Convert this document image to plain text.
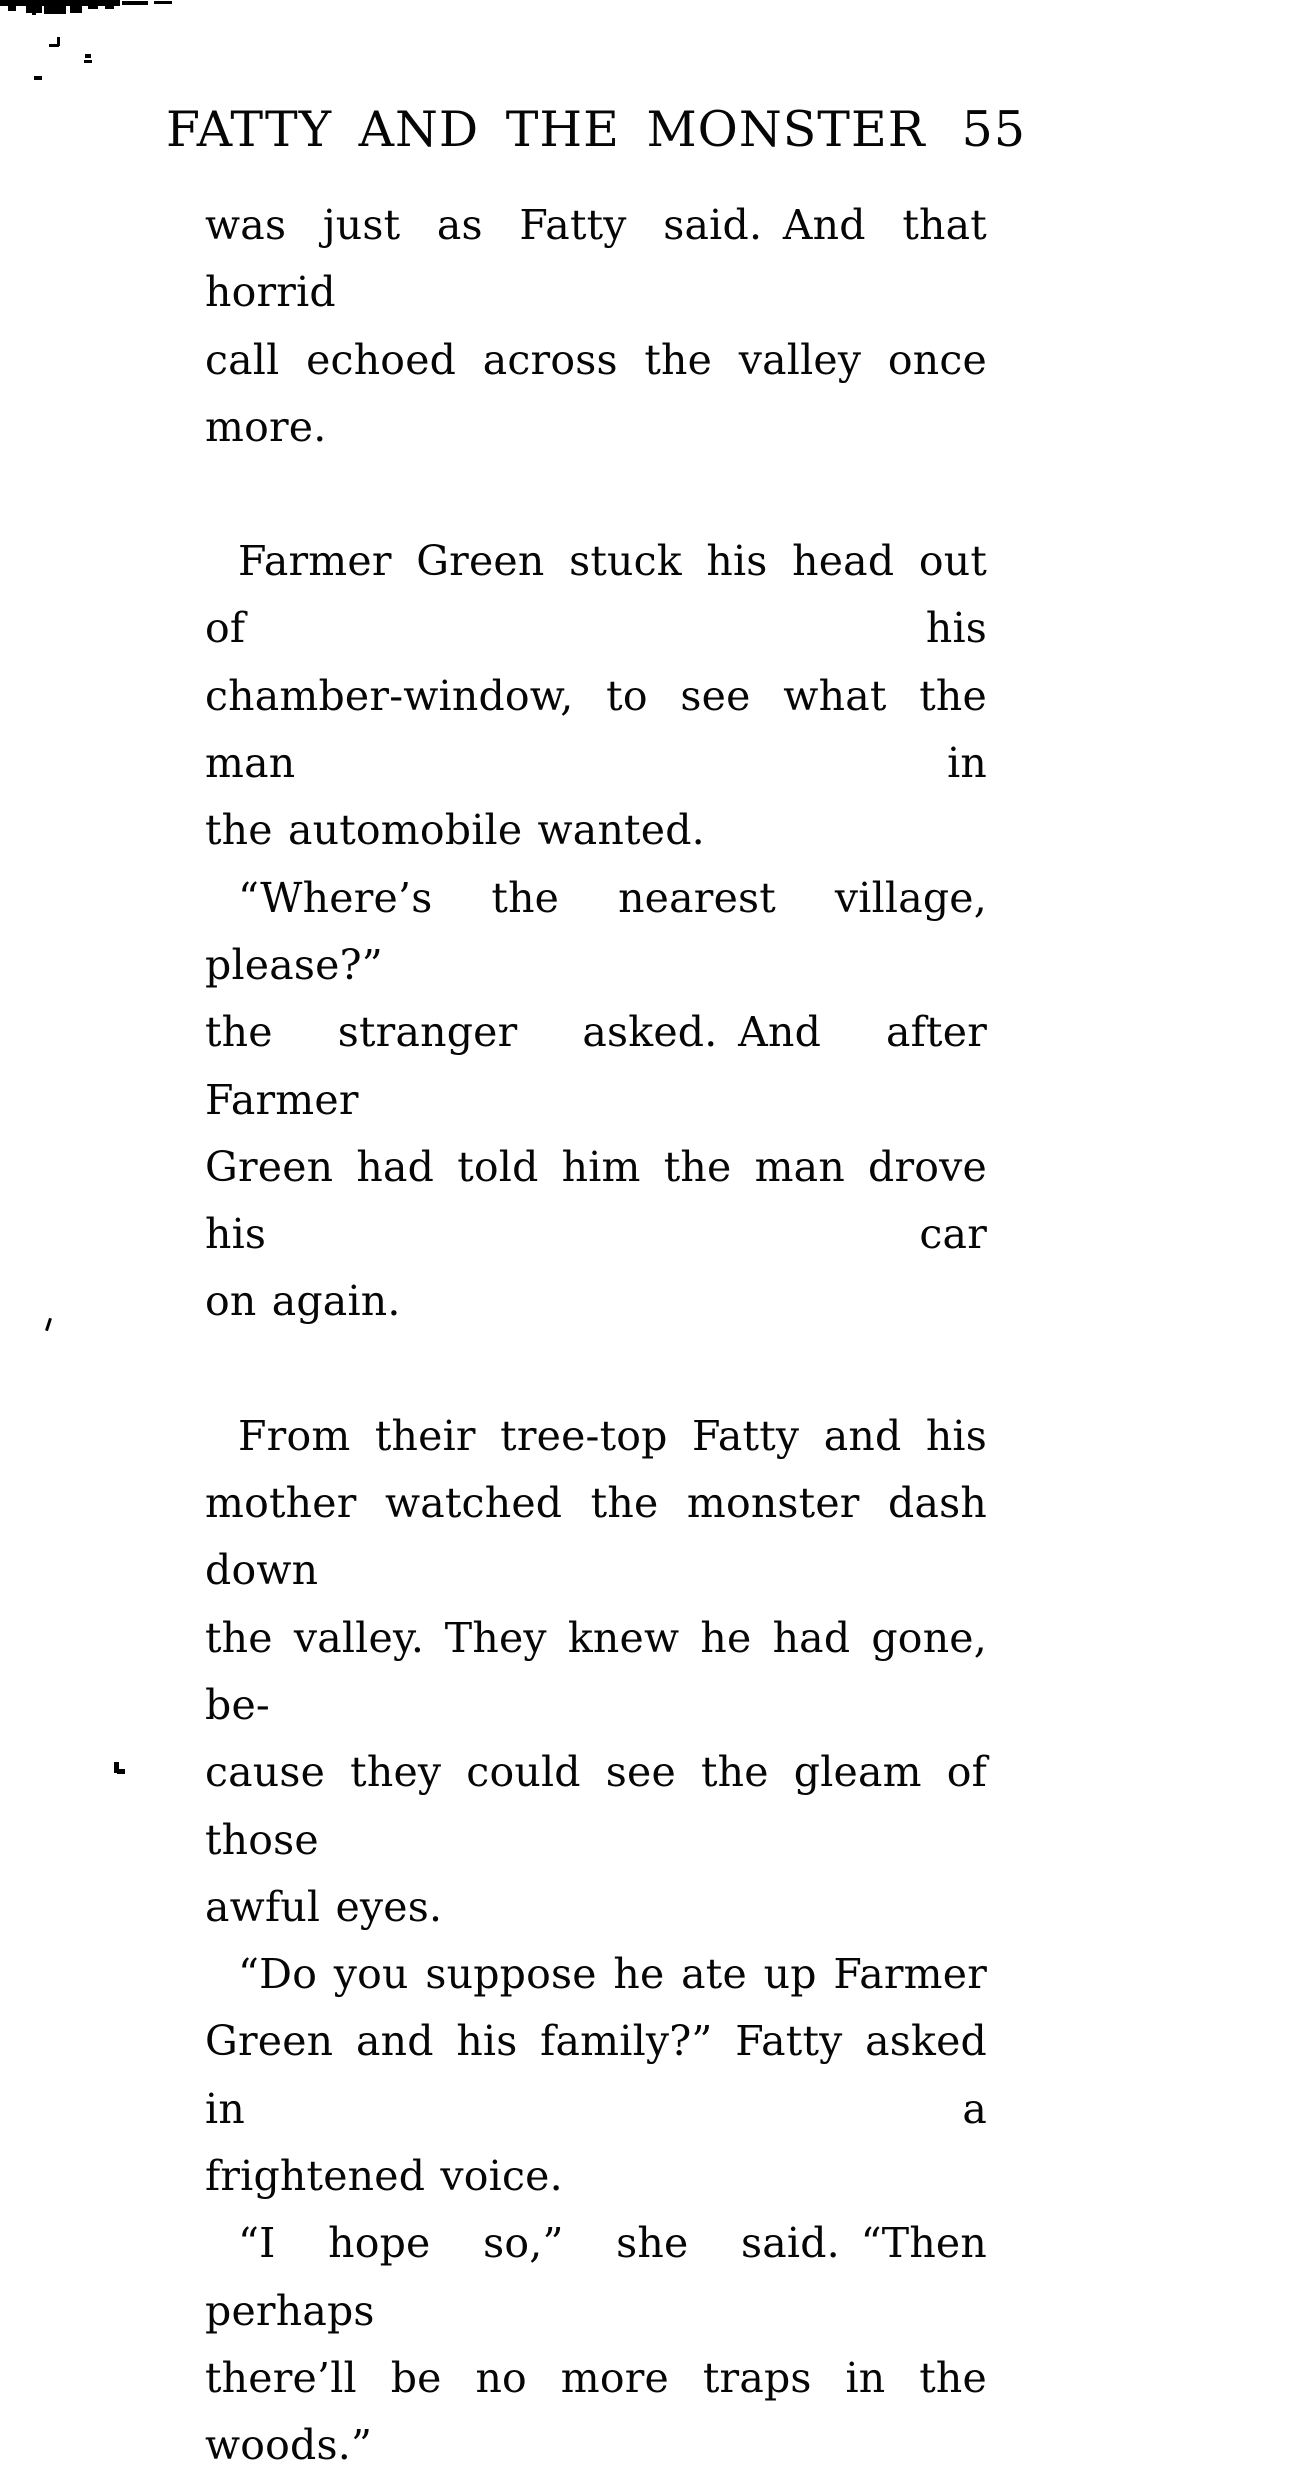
FATTY AND THE MONSTER 55
was just as Fatty said. And that horrid
call echoed across the valley once more.
Farmer Green stuck his head out of his
chamber-window, to see what the man in
the automobile wanted.
“Where’s the nearest village, please?”
the stranger asked. And after Farmer
Green had told him the man drove his car
on again.
From their tree-top Fatty and his
mother watched the monster dash down
the valley. They knew he had gone, be-
cause they could see the gleam of those
awful eyes.
“Do you suppose he ate up Farmer
Green and his family?” Fatty asked in a
frightened voice.
“I hope so,” she said. “Then perhaps
there’ll be no more traps in the woods.”
